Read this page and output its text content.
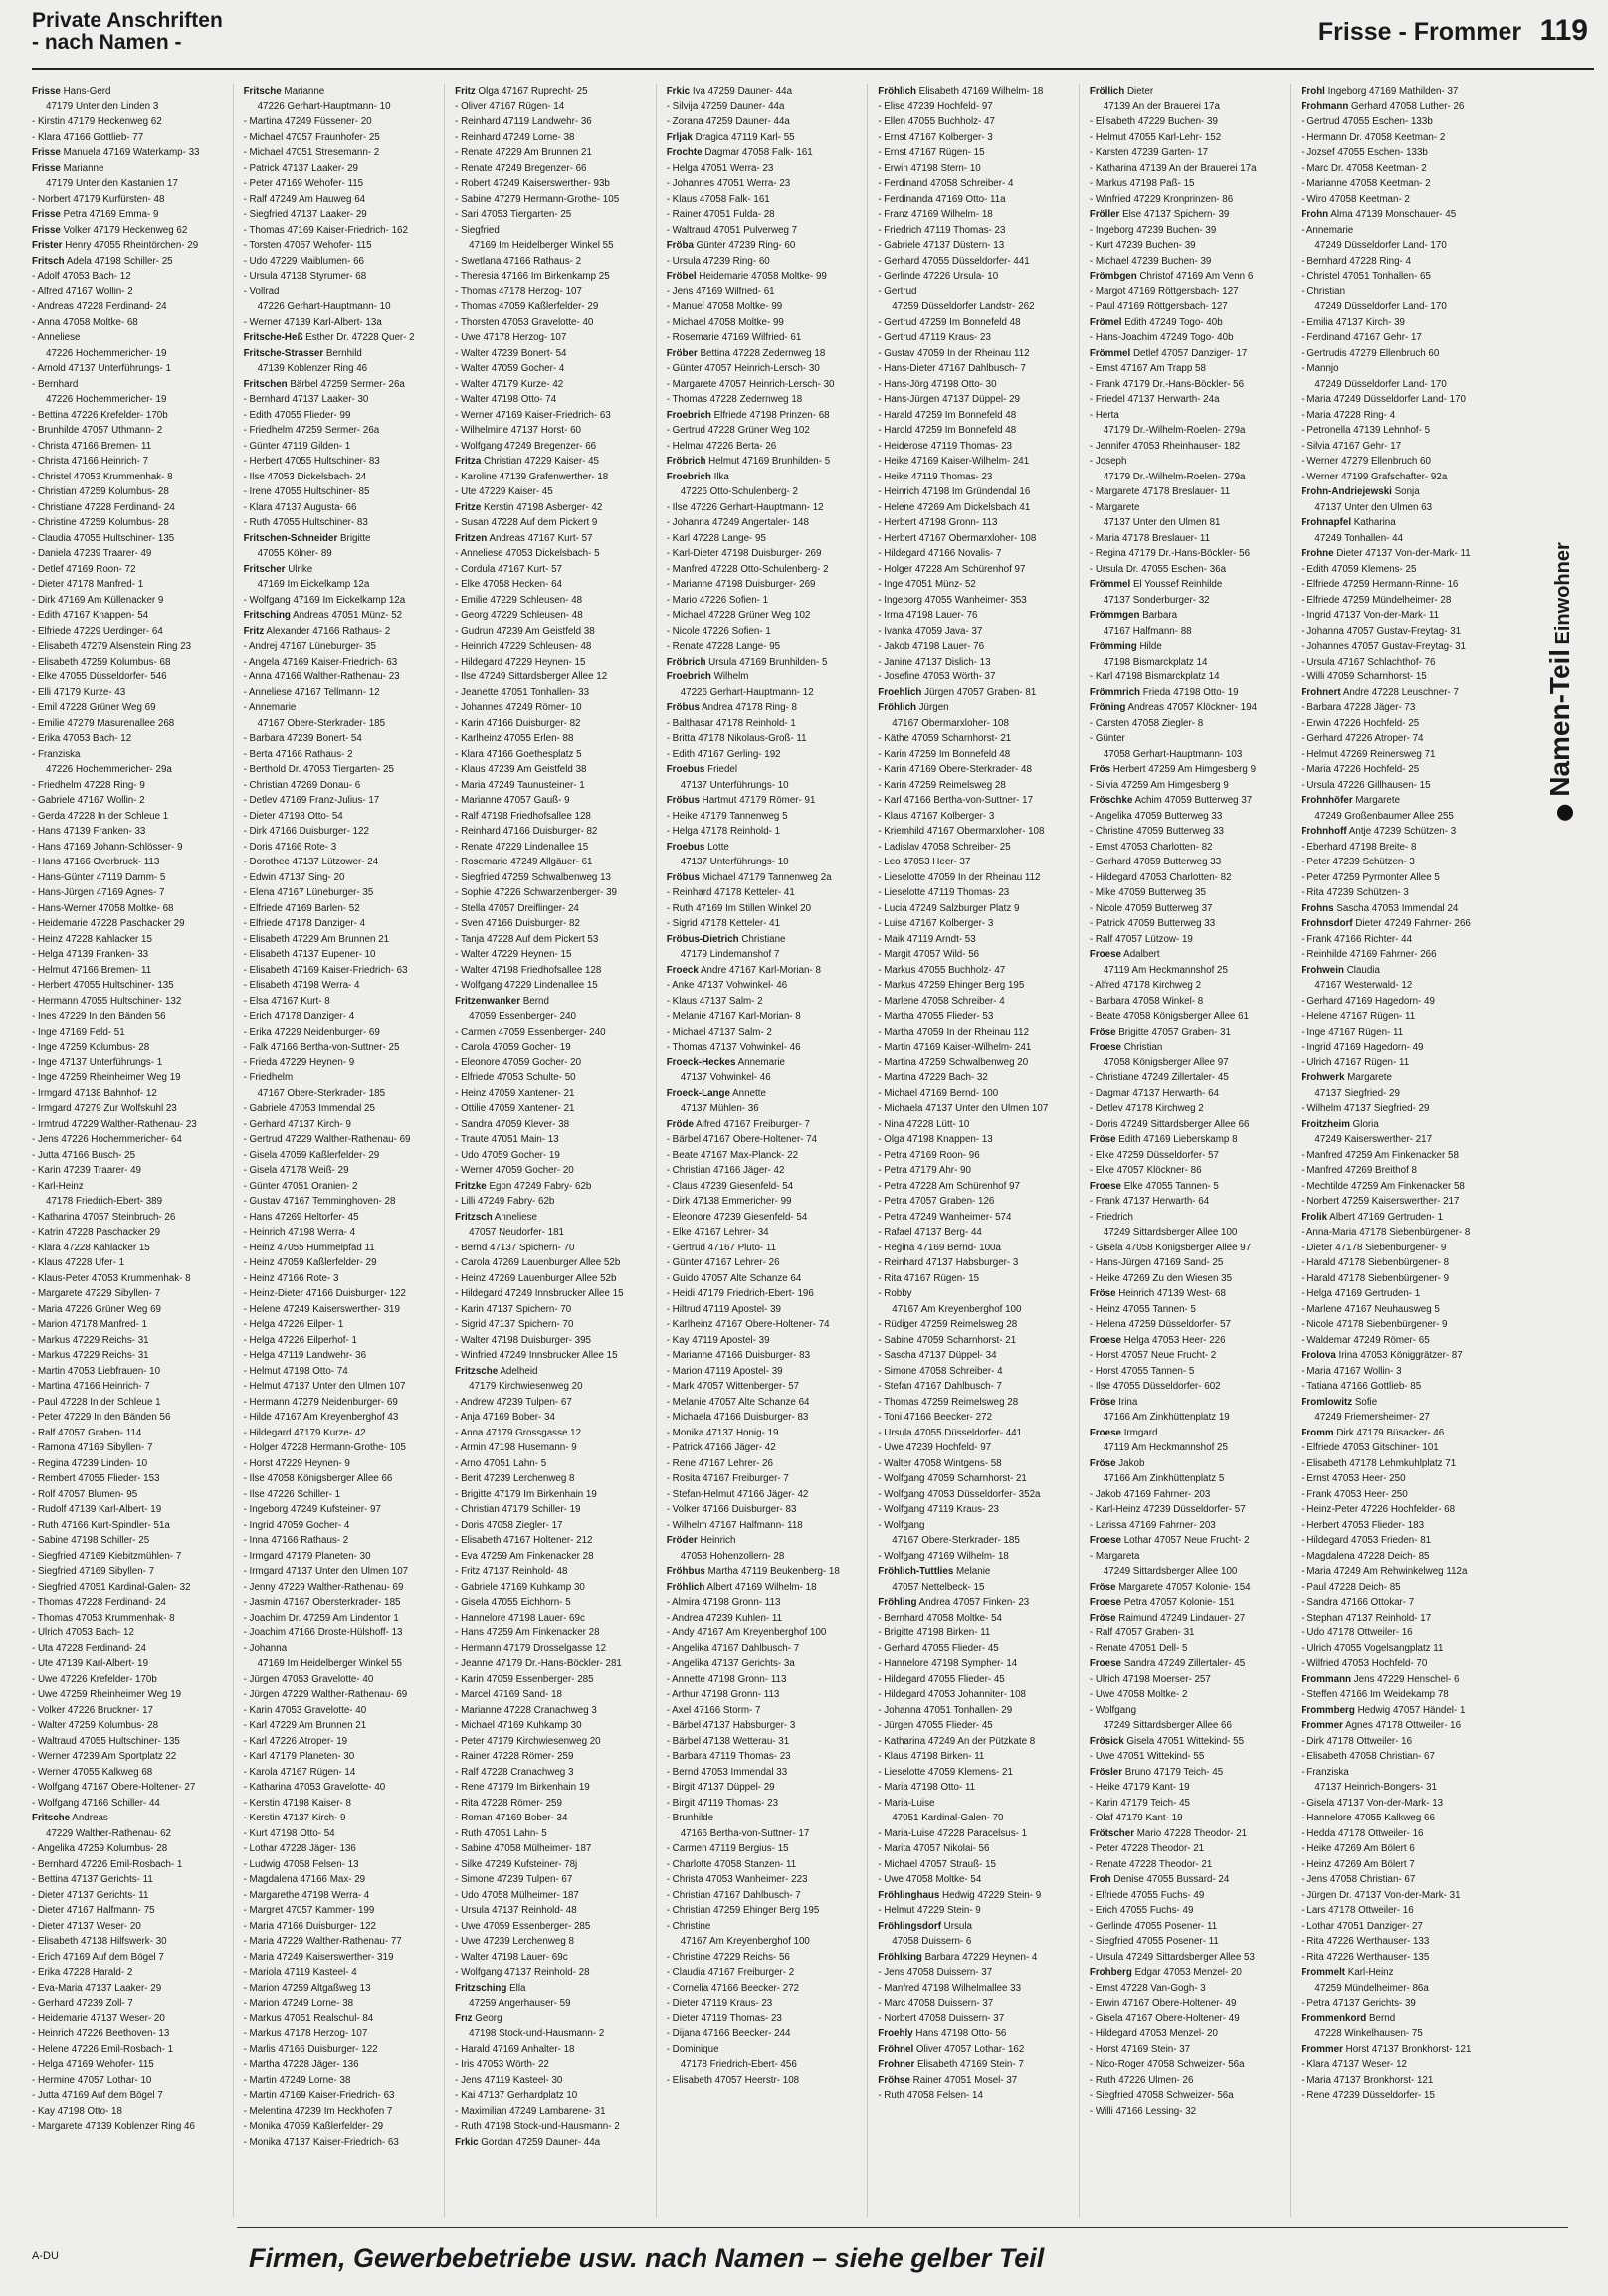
Private Anschriften
- nach Namen -	Frisse - Frommer 119
Frisse Hans-Gerd
47179 Unter den Linden 3
- Kirstin 47179 Heckenweg 62
- Klara 47166 Gottlieb- 77
Frisse Manuela 47169 Waterkamp- 33
Frisse Marianne
47179 Unter den Kastanien 17
- Norbert 47179 Kurfürsten- 48
Frisse Petra 47169 Emma- 9
Frisse Volker 47179 Heckenweg 62
Frister Henry 47055 Rheintörchen- 29
Fritsch Adela 47198 Schiller- 25
- Adolf 47053 Bach- 12
- Alfred 47167 Wollin- 2
- Andreas 47228 Ferdinand- 24
- Anna 47058 Moltke- 68
- Anneliese
47226 Hochemmericher- 19
- Arnold 47137 Unterführungs- 1
- Bernhard
47226 Hochemmericher- 19
- Bettina 47226 Krefelder- 170b
- Brunhilde 47057 Uthmann- 2
- Christa 47166 Bremen- 11
- Christa 47166 Heinrich- 7
- Christel 47053 Krummenhak- 8
- Christian 47259 Kolumbus- 28
- Christiane 47228 Ferdinand- 24
- Christine 47259 Kolumbus- 28
- Claudia 47055 Hultschiner- 135
- Daniela 47239 Traarer- 49
- Detlef 47169 Roon- 72
- Dieter 47178 Manfred- 1
- Dirk 47169 Am Küllenacker 9
- Edith 47167 Knappen- 54
- Elfriede 47229 Uerdinger- 64
- Elisabeth 47279 Alsenstein Ring 23
- Elisabeth 47259 Kolumbus- 68
- Elke 47055 Düsseldorfer- 546
- Elli 47179 Kurze- 43
- Emil 47228 Grüner Weg 69
- Emilie 47279 Masurenallee 268
- Erika 47053 Bach- 12
- Franziska
47226 Hochemmericher- 29a
- Friedhelm 47228 Ring- 9
- Gabriele 47167 Wollin- 2
- Gerda 47228 In der Schleue 1
- Hans 47139 Franken- 33
- Hans 47169 Johann-Schlösser- 9
- Hans 47166 Overbruck- 113
- Hans-Günter 47119 Damm- 5
- Hans-Jürgen 47169 Agnes- 7
- Hans-Werner 47058 Moltke- 68
- Heidemarie 47228 Paschacker 29
- Heinz 47228 Kahlacker 15
- Helga 47139 Franken- 33
- Helmut 47166 Bremen- 11
- Herbert 47055 Hultschiner- 135
- Hermann 47055 Hultschiner- 132
- Ines 47229 In den Bänden 56
- Inge 47169 Feld- 51
- Inge 47259 Kolumbus- 28
- Inge 47137 Unterführungs- 1
- Inge 47259 Rheinheimer Weg 19
- Irmgard 47138 Bahnhof- 12
- Irmgard 47279 Zur Wolfskuhl 23
- Irmtrud 47229 Walther-Rathenau- 23
- Jens 47226 Hochemmericher- 64
- Jutta 47166 Busch- 25
- Karin 47239 Traarer- 49
- Karl-Heinz
47178 Friedrich-Ebert- 389
- Katharina 47057 Steinbruch- 26
- Katrin 47228 Paschacker 29
- Klara 47228 Kahlacker 15
- Klaus 47228 Ufer- 1
- Klaus-Peter 47053 Krummenhak- 8
- Margarete 47229 Sibyllen- 7
- Maria 47226 Grüner Weg 69
- Marion 47178 Manfred- 1
- Markus 47229 Reichs- 31
- Markus 47229 Reichs- 31
- Martin 47053 Liebfrauen- 10
- Martina 47166 Heinrich- 7
- Paul 47228 In der Schleue 1
- Peter 47229 In den Bänden 56
- Ralf 47057 Graben- 114
- Ramona 47169 Sibyllen- 7
- Regina 47239 Linden- 10
- Rembert 47055 Flieder- 153
- Rolf 47057 Blumen- 95
- Rudolf 47139 Karl-Albert- 19
- Ruth 47166 Kurt-Spindler- 51a
- Sabine 47198 Schiller- 25
- Siegfried 47169 Kiebitzmühlen- 7
- Siegfried 47169 Sibyllen- 7
- Siegfried 47051 Kardinal-Galen- 32
- Thomas 47228 Ferdinand- 24
- Thomas 47053 Krummenhak- 8
- Ulrich 47053 Bach- 12
- Uta 47228 Ferdinand- 24
- Ute 47139 Karl-Albert- 19
- Uwe 47226 Krefelder- 170b
- Uwe 47259 Rheinheimer Weg 19
- Volker 47226 Bruckner- 17
- Walter 47259 Kolumbus- 28
- Waltraud 47055 Hultschiner- 135
- Werner 47239 Am Sportplatz 22
- Werner 47055 Kalkweg 68
- Wolfgang 47167 Obere-Holtener- 27
- Wolfgang 47166 Schiller- 44
Fritsche Andreas
47229 Walther-Rathenau- 62
- Angelika 47259 Kolumbus- 28
- Bernhard 47226 Emil-Rosbach- 1
- Bettina 47137 Gerichts- 11
- Dieter 47137 Gerichts- 11
- Dieter 47167 Halfmann- 75
- Dieter 47137 Weser- 20
- Elisabeth 47138 Hilfswerk- 30
- Erich 47169 Auf dem Bögel 7
- Erika 47228 Harald- 2
- Eva-Maria 47137 Laaker- 29
- Gerhard 47239 Zoll- 7
- Heidemarie 47137 Weser- 20
- Heinrich 47226 Beethoven- 13
- Helene 47226 Emil-Rosbach- 1
- Helga 47169 Wehofer- 115
- Hermine 47057 Lothar- 10
- Jutta 47169 Auf dem Bögel 7
- Kay 47198 Otto- 18
- Margarete 47139 Koblenzer Ring 46
Fritsche Marianne
47226 Gerhart-Hauptmann- 10
- Martina 47249 Füssener- 20
- Michael 47057 Fraunhofer- 25
- Michael 47051 Stresemann- 2
- Patrick 47137 Laaker- 29
- Peter 47169 Wehofer- 115
- Ralf 47249 Am Hauweg 64
- Siegfried 47137 Laaker- 29
- Thomas 47169 Kaiser-Friedrich- 162
- Torsten 47057 Wehofer- 115
- Udo 47229 Maiblumen- 66
- Ursula 47138 Styrumer- 68
- Vollrad
47226 Gerhart-Hauptmann- 10
- Werner 47139 Karl-Albert- 13a
Fritsche-Heß Esther Dr. 47228 Quer- 2
Fritsche-Strasser Bernhild
47139 Koblenzer Ring 46
Fritschen Bärbel 47259 Sermer- 26a
- Bernhard 47137 Laaker- 30
- Edith 47055 Flieder- 99
- Friedhelm 47259 Sermer- 26a
- Günter 47119 Gilden- 1
- Herbert 47055 Hultschiner- 83
- Ilse 47053 Dickelsbach- 24
- Irene 47055 Hultschiner- 85
- Klara 47137 Augusta- 66
- Ruth 47055 Hultschiner- 83
Fritschen-Schneider Brigitte
47055 Kölner- 89
Fritscher Ulrike
47169 Im Eickelkamp 12a
- Wolfgang 47169 Im Eickelkamp 12a
Fritsching Andreas 47051 Münz- 52
Fritz Alexander 47166 Rathaus- 2
- Andrej 47167 Lüneburger- 35
- Angela 47169 Kaiser-Friedrich- 63
- Anna 47166 Walther-Rathenau- 23
- Anneliese 47167 Tellmann- 12
- Annemarie
47167 Obere-Sterkrader- 185
- Barbara 47239 Bonert- 54
- Berta 47166 Rathaus- 2
- Berthold Dr. 47053 Tiergarten- 25
- Christian 47269 Donau- 6
- Detlev 47169 Franz-Julius- 17
- Dieter 47198 Otto- 54
- Dirk 47166 Duisburger- 122
- Doris 47166 Rote- 3
- Dorothee 47137 Lützower- 24
- Edwin 47137 Sing- 20
- Elena 47167 Lüneburger- 35
- Elfriede 47169 Barlen- 52
- Elfriede 47178 Danziger- 4
- Elisabeth 47229 Am Brunnen 21
- Elisabeth 47137 Eupener- 10
- Elisabeth 47169 Kaiser-Friedrich- 63
- Elisabeth 47198 Werra- 4
- Elsa 47167 Kurt- 8
- Erich 47178 Danziger- 4
- Erika 47229 Neidenburger- 69
- Falk 47166 Bertha-von-Suttner- 25
- Frieda 47229 Heynen- 9
- Friedhelm
47167 Obere-Sterkrader- 185
- Gabriele 47053 Immendal 25
- Gerhard 47137 Kirch- 9
- Gertrud 47229 Walther-Rathenau- 69
- Gisela 47059 Kaßlerfelder- 29
- Gisela 47178 Weiß- 29
- Günter 47051 Oranien- 2
- Gustav 47167 Temminghoven- 28
- Hans 47269 Heltorfer- 45
- Heinrich 47198 Werra- 4
- Heinz 47055 Hummelpfad 11
- Heinz 47059 Kaßlerfelder- 29
- Heinz 47166 Rote- 3
- Heinz-Dieter 47166 Duisburger- 122
- Helene 47249 Kaiserswerther- 319
- Helga 47226 Eilper- 1
- Helga 47226 Eilperhof- 1
- Helga 47119 Landwehr- 36
- Helmut 47198 Otto- 74
- Helmut 47137 Unter den Ulmen 107
- Hermann 47279 Neidenburger- 69
- Hilde 47167 Am Kreyenberghof 43
- Hildegard 47179 Kurze- 42
- Holger 47228 Hermann-Grothe- 105
- Horst 47229 Heynen- 9
- Ilse 47058 Königsberger Allee 66
- Ilse 47226 Schiller- 1
- Ingeborg 47249 Kufsteiner- 97
- Ingrid 47059 Gocher- 4
- Inna 47166 Rathaus- 2
- Irmgard 47179 Planeten- 30
- Irmgard 47137 Unter den Ulmen 107
- Jenny 47229 Walther-Rathenau- 69
- Jasmin 47167 Obersterkrader- 185
- Joachim Dr. 47259 Am Lindentor 1
- Joachim 47166 Droste-Hülshoff- 13
- Johanna
47169 Im Heidelberger Winkel 55
- Jürgen 47053 Gravelotte- 40
- Jürgen 47229 Walther-Rathenau- 69
- Karin 47053 Gravelotte- 40
- Karl 47229 Am Brunnen 21
- Karl 47226 Atroper- 19
- Karl 47179 Planeten- 30
- Karola 47167 Rügen- 14
- Katharina 47053 Gravelotte- 40
- Kerstin 47198 Kaiser- 8
- Kerstin 47137 Kirch- 9
- Kurt 47198 Otto- 54
- Lothar 47228 Jäger- 136
- Ludwig 47058 Felsen- 13
- Magdalena 47166 Max- 29
- Margarethe 47198 Werra- 4
- Margret 47057 Kammer- 199
- Maria 47166 Duisburger- 122
- Maria 47229 Walther-Rathenau- 77
- Maria 47249 Kaiserswerther- 319
- Mariola 47119 Kasteel- 4
- Marion 47259 Altgaßweg 13
- Marion 47249 Lorne- 38
- Markus 47051 Realschul- 84
- Markus 47178 Herzog- 107
- Marlis 47166 Duisburger- 122
- Martha 47228 Jäger- 136
- Martin 47249 Lorne- 38
- Martin 47169 Kaiser-Friedrich- 63
- Melentina 47239 Im Heckhofen 7
- Monika 47059 Kaßlerfelder- 29
- Monika 47137 Kaiser-Friedrich- 63
Fritz Olga 47167 Ruprecht- 25
- Oliver 47167 Rügen- 14
- Reinhard 47119 Landwehr- 36
- Reinhard 47249 Lorne- 38
- Renate 47229 Am Brunnen 21
- Renate 47249 Bregenzer- 66
- Robert 47249 Kaiserswerther- 93b
- Sabine 47279 Hermann-Grothe- 105
- Sari 47053 Tiergarten- 25
- Siegfried
47169 Im Heidelberger Winkel 55
- Swetlana 47166 Rathaus- 2
- Theresia 47166 Im Birkenkamp 25
- Thomas 47178 Herzog- 107
- Thomas 47059 Kaßlerfelder- 29
- Thorsten 47053 Gravelotte- 40
- Uwe 47178 Herzog- 107
- Walter 47239 Bonert- 54
- Walter 47059 Gocher- 4
- Walter 47179 Kurze- 42
- Walter 47198 Otto- 74
- Werner 47169 Kaiser-Friedrich- 63
- Wilhelmine 47137 Horst- 60
- Wolfgang 47249 Bregenzer- 66
Fritza Christian 47229 Kaiser- 45
- Karoline 47139 Grafenwerther- 18
- Ute 47229 Kaiser- 45
Fritze Kerstin 47198 Asberger- 42
- Susan 47228 Auf dem Pickert 9
Fritzen Andreas 47167 Kurt- 57
- Anneliese 47053 Dickelsbach- 5
- Cordula 47167 Kurt- 57
- Elke 47058 Hecken- 64
- Emilie 47229 Schleusen- 48
- Georg 47229 Schleusen- 48
- Gudrun 47239 Am Geistfeld 38
- Heinrich 47229 Schleusen- 48
- Hildegard 47229 Heynen- 15
- Ilse 47249 Sittardsberger Allee 12
- Jeanette 47051 Tonhallen- 33
- Johannes 47249 Römer- 10
- Karin 47166 Duisburger- 82
- Karlheinz 47055 Erlen- 88
- Klara 47166 Goethesplatz 5
- Klaus 47239 Am Geistfeld 38
- Maria 47249 Taunusteiner- 1
- Marianne 47057 Gauß- 9
- Ralf 47198 Friedhofsallee 128
- Reinhard 47166 Duisburger- 82
- Renate 47229 Lindenallee 15
- Rosemarie 47249 Allgäuer- 61
- Siegfried 47259 Schwalbenweg 13
- Sophie 47226 Schwarzenberger- 39
- Stella 47057 Dreiflinger- 24
- Sven 47166 Duisburger- 82
- Tanja 47228 Auf dem Pickert 53
- Walter 47229 Heynen- 15
- Walter 47198 Friedhofsallee 128
- Wolfgang 47229 Lindenallee 15
Fritzenwanker Bernd
47059 Essenberger- 240
- Carmen 47059 Essenberger- 240
- Carola 47059 Gocher- 19
- Eleonore 47059 Gocher- 20
- Elfriede 47053 Schulte- 50
- Heinz 47059 Xantener- 21
- Ottilie 47059 Xantener- 21
- Sandra 47059 Klever- 38
- Traute 47051 Main- 13
- Udo 47059 Gocher- 19
- Werner 47059 Gocher- 20
Fritzke Egon 47249 Fabry- 62b
- Lilli 47249 Fabry- 62b
Fritzsch Anneliese
47057 Neudorfer- 181
- Bernd 47137 Spichern- 70
- Carola 47269 Lauenburger Allee 52b
- Heinz 47269 Lauenburger Allee 52b
- Hildegard 47249 Innsbrucker Allee 15
- Karin 47137 Spichern- 70
- Sigrid 47137 Spichern- 70
- Walter 47198 Duisburger- 395
- Winfried 47249 Innsbrucker Allee 15
Fritzsche Adelheid
47179 Kirchwiesenweg 20
- Andrew 47239 Tulpen- 67
- Anja 47169 Bober- 34
- Anna 47179 Grossgasse 12
- Armin 47198 Husemann- 9
- Arno 47051 Lahn- 5
- Berit 47239 Lerchenweg 8
- Brigitte 47179 Im Birkenhain 19
- Christian 47179 Schiller- 19
- Doris 47058 Ziegler- 17
- Elisabeth 47167 Holtener- 212
- Eva 47259 Am Finkenacker 28
- Fritz 47137 Reinhold- 48
- Gabriele 47169 Kuhkamp 30
- Gisela 47055 Eichhorn- 5
- Hannelore 47198 Lauer- 69c
- Hans 47259 Am Finkenacker 28
- Hermann 47179 Drosselgasse 12
- Jeanne 47179 Dr.-Hans-Böckler- 281
- Karin 47059 Essenberger- 285
- Marcel 47169 Sand- 18
- Marianne 47228 Cranachweg 3
- Michael 47169 Kuhkamp 30
- Peter 47179 Kirchwiesenweg 20
- Rainer 47228 Römer- 259
- Ralf 47228 Cranachweg 3
- Rene 47179 Im Birkenhain 19
- Rita 47228 Römer- 259
- Roman 47169 Bober- 34
- Ruth 47051 Lahn- 5
- Sabine 47058 Mülheimer- 187
- Silke 47249 Kufsteiner- 78j
- Simone 47239 Tulpen- 67
- Udo 47058 Mülheimer- 187
- Ursula 47137 Reinhold- 48
- Uwe 47059 Essenberger- 285
- Uwe 47239 Lerchenweg 8
- Walter 47198 Lauer- 69c
- Wolfgang 47137 Reinhold- 28
Fritzsching Ella
47259 Angerhauser- 59
Frız Georg
47198 Stock-und-Hausmann- 2
- Harald 47169 Anhalter- 18
- Iris 47053 Wörth- 22
- Jens 47119 Kasteel- 30
- Kai 47137 Gerhardplatz 10
- Maximilian 47249 Lambarene- 31
- Ruth 47198 Stock-und-Hausmann- 2
Frkic Gordan 47259 Dauner- 44a
Frkic Iva 47259 Dauner- 44a
- Silvija 47259 Dauner- 44a
- Zorana 47259 Dauner- 44a
Frljak Dragica 47119 Karl- 55
Frochte Dagmar 47058 Falk- 161
- Helga 47051 Werra- 23
- Johannes 47051 Werra- 23
- Klaus 47058 Falk- 161
- Rainer 47051 Fulda- 28
- Waltraud 47051 Pulverweg 7
Fröba Günter 47239 Ring- 60
- Ursula 47239 Ring- 60
Fröbel Heidemarie 47058 Moltke- 99
- Jens 47169 Wilfried- 61
- Manuel 47058 Moltke- 99
- Michael 47058 Moltke- 99
- Rosemarie 47169 Wilfried- 61
Fröber Bettina 47228 Zedernweg 18
- Günter 47057 Heinrich-Lersch- 30
- Margarete 47057 Heinrich-Lersch- 30
- Thomas 47228 Zedernweg 18
Froebrich Elfriede 47198 Prinzen- 68
- Gertrud 47228 Grüner Weg 102
- Helmar 47226 Berta- 26
Fröbrich Helmut 47169 Brunhilden- 5
Froebrich Ilka
47226 Otto-Schulenberg- 2
- Ilse 47226 Gerhart-Hauptmann- 12
- Johanna 47249 Angertaler- 148
- Karl 47228 Lange- 95
- Karl-Dieter 47198 Duisburger- 269
- Manfred 47228 Otto-Schulenberg- 2
- Marianne 47198 Duisburger- 269
- Mario 47226 Sofien- 1
- Michael 47228 Grüner Weg 102
- Nicole 47226 Sofien- 1
- Renate 47228 Lange- 95
Fröbrich Ursula 47169 Brunhilden- 5
Froebrich Wilhelm
47226 Gerhart-Hauptmann- 12
Fröbus Andrea 47178 Ring- 8
- Balthasar 47178 Reinhold- 1
- Britta 47178 Nikolaus-Groß- 11
- Edith 47167 Gerling- 192
Froebus Friedel
47137 Unterführungs- 10
Fröbus Hartmut 47179 Römer- 91
- Heike 47179 Tannenweg 5
- Helga 47178 Reinhold- 1
Froebus Lotte
47137 Unterführungs- 10
Fröbus Michael 47179 Tannenweg 2a
- Reinhard 47178 Ketteler- 41
- Ruth 47169 Im Stillen Winkel 20
- Sigrid 47178 Ketteler- 41
Fröbus-Dietrich Christiane
47179 Lindemanshof 7
Froeck Andre 47167 Karl-Morian- 8
- Anke 47137 Vohwinkel- 46
- Klaus 47137 Salm- 2
- Melanie 47167 Karl-Morian- 8
- Michael 47137 Salm- 2
- Thomas 47137 Vohwinkel- 46
Froeck-Heckes Annemarie
47137 Vohwinkel- 46
Froeck-Lange Annette
47137 Mühlen- 36
Fröde Alfred 47167 Freiburger- 7
- Bärbel 47167 Obere-Holtener- 74
- Beate 47167 Max-Planck- 22
- Christian 47166 Jäger- 42
- Claus 47239 Giesenfeld- 54
- Dirk 47138 Emmericher- 99
- Eleonore 47239 Giesenfeld- 54
- Elke 47167 Lehrer- 34
- Gertrud 47167 Pluto- 11
- Günter 47167 Lehrer- 26
- Guido 47057 Alte Schanze 64
- Heidi 47179 Friedrich-Ebert- 196
- Hiltrud 47119 Apostel- 39
- Karlheinz 47167 Obere-Holtener- 74
- Kay 47119 Apostel- 39
- Marianne 47166 Duisburger- 83
- Marion 47119 Apostel- 39
- Mark 47057 Wittenberger- 57
- Melanie 47057 Alte Schanze 64
- Michaela 47166 Duisburger- 83
- Monika 47137 Honig- 19
- Patrick 47166 Jäger- 42
- Rene 47167 Lehrer- 26
- Rosita 47167 Freiburger- 7
- Stefan-Helmut 47166 Jäger- 42
- Volker 47166 Duisburger- 83
- Wilhelm 47167 Halfmann- 118
Fröder Heinrich
47058 Hohenzollern- 28
Fröhbus Martha 47119 Beukenberg- 18
Fröhlich Albert 47169 Wilhelm- 18
- Almira 47198 Gronn- 113
- Andrea 47239 Kuhlen- 11
- Andy 47167 Am Kreyenberghof 100
- Angelika 47167 Dahlbusch- 7
- Angelika 47137 Gerichts- 3a
- Annette 47198 Gronn- 113
- Arthur 47198 Gronn- 113
- Axel 47166 Storm- 7
- Bärbel 47137 Habsburger- 3
- Bärbel 47138 Wetterau- 31
- Barbara 47119 Thomas- 23
- Bernd 47053 Immendal 33
- Birgit 47137 Düppel- 29
- Birgit 47119 Thomas- 23
- Brunhilde
47166 Bertha-von-Suttner- 17
- Carmen 47119 Bergius- 15
- Charlotte 47058 Stanzen- 11
- Christa 47053 Wanheimer- 223
- Christian 47167 Dahlbusch- 7
- Christian 47259 Ehinger Berg 195
- Christine
47167 Am Kreyenberghof 100
- Christine 47229 Reichs- 56
- Claudia 47167 Freiburger- 2
- Cornelia 47166 Beecker- 272
- Dieter 47119 Kraus- 23
- Dieter 47119 Thomas- 23
- Dijana 47166 Beecker- 244
- Dominique
47178 Friedrich-Ebert- 456
- Elisabeth 47057 Heerstr- 108
Fröhlich Elisabeth 47169 Wilhelm- 18
- Elise 47239 Hochfeld- 97
- Ellen 47055 Buchholz- 47
- Ernst 47167 Kolberger- 3
- Ernst 47167 Rügen- 15
- Erwin 47198 Stern- 10
- Ferdinand 47058 Schreiber- 4
- Ferdinanda 47169 Otto- 11a
- Franz 47169 Wilhelm- 18
- Friedrich 47119 Thomas- 23
- Gabriele 47137 Düstern- 13
- Gerhard 47055 Düsseldorfer- 441
- Gerlinde 47226 Ursula- 10
- Gertrud
47259 Düsseldorfer Landstr- 262
- Gertrud 47259 Im Bonnefeld 48
- Gertrud 47119 Kraus- 23
- Gustav 47059 In der Rheinau 112
- Hans-Dieter 47167 Dahlbusch- 7
- Hans-Jörg 47198 Otto- 30
- Hans-Jürgen 47137 Düppel- 29
- Harald 47259 Im Bonnefeld 48
- Harold 47259 Im Bonnefeld 48
- Heiderose 47119 Thomas- 23
- Heike 47169 Kaiser-Wilhelm- 241
- Heike 47119 Thomas- 23
- Heinrich 47198 Im Gründendal 16
- Helene 47269 Am Dickelsbach 41
- Herbert 47198 Gronn- 113
- Herbert 47167 Obermarxloher- 108
- Hildegard 47166 Novalis- 7
- Holger 47228 Am Schürenhof 97
- Inge 47051 Münz- 52
- Ingeborg 47055 Wanheimer- 353
- Irma 47198 Lauer- 76
- Ivanka 47059 Java- 37
- Jakob 47198 Lauer- 76
- Janine 47137 Dislich- 13
- Josefine 47053 Wörth- 37
Froehlich Jürgen 47057 Graben- 81
Fröhlich Jürgen
47167 Obermarxloher- 108
- Käthe 47059 Scharnhorst- 21
- Karin 47259 Im Bonnefeld 48
- Karin 47169 Obere-Sterkrader- 48
- Karin 47259 Reimelsweg 28
- Karl 47166 Bertha-von-Suttner- 17
- Klaus 47167 Kolberger- 3
- Kriemhild 47167 Obermarxloher- 108
- Ladislav 47058 Schreiber- 25
- Leo 47053 Heer- 37
- Lieselotte 47059 In der Rheinau 112
- Lieselotte 47119 Thomas- 23
- Lucia 47249 Salzburger Platz 9
- Luise 47167 Kolberger- 3
- Maik 47119 Arndt- 53
- Margit 47057 Wild- 56
- Markus 47055 Buchholz- 47
- Markus 47259 Ehinger Berg 195
- Marlene 47058 Schreiber- 4
- Martha 47055 Flieder- 53
- Martha 47059 In der Rheinau 112
- Martin 47169 Kaiser-Wilhelm- 241
- Martina 47259 Schwalbenweg 20
- Martina 47229 Bach- 32
- Michael 47169 Bernd- 100
- Michaela 47137 Unter den Ulmen 107
- Nina 47228 Lütt- 10
- Olga 47198 Knappen- 13
- Petra 47169 Roon- 96
- Petra 47179 Ahr- 90
- Petra 47228 Am Schürenhof 97
- Petra 47057 Graben- 126
- Petra 47249 Wanheimer- 574
- Rafael 47137 Berg- 44
- Regina 47169 Bernd- 100a
- Reinhard 47137 Habsburger- 3
- Rita 47167 Rügen- 15
- Robby
47167 Am Kreyenberghof 100
- Rüdiger 47259 Reimelsweg 28
- Sabine 47059 Scharnhorst- 21
- Sascha 47137 Düppel- 34
- Simone 47058 Schreiber- 4
- Stefan 47167 Dahlbusch- 7
- Thomas 47259 Reimelsweg 28
- Toni 47166 Beecker- 272
- Ursula 47055 Düsseldorfer- 441
- Uwe 47239 Hochfeld- 97
- Walter 47058 Wintgens- 58
- Wolfgang 47059 Scharnhorst- 21
- Wolfgang 47053 Düsseldorfer- 352a
- Wolfgang 47119 Kraus- 23
- Wolfgang
47167 Obere-Sterkrader- 185
- Wolfgang 47169 Wilhelm- 18
Fröhlich-Tuttlies Melanie
47057 Nettelbeck- 15
Fröhling Andrea 47057 Finken- 23
- Bernhard 47058 Moltke- 54
- Brigitte 47198 Birken- 11
- Gerhard 47055 Flieder- 45
- Hannelore 47198 Sympher- 14
- Hildegard 47055 Flieder- 45
- Hildegard 47053 Johanniter- 108
- Johanna 47051 Tonhallen- 29
- Jürgen 47055 Flieder- 45
- Katharina 47249 An der Pützkate 8
- Klaus 47198 Birken- 11
- Lieselotte 47059 Klemens- 21
- Maria 47198 Otto- 11
- Maria-Luise
47051 Kardinal-Galen- 70
- Maria-Luise 47228 Paracelsus- 1
- Marita 47057 Nikolai- 56
- Michael 47057 Strauß- 15
- Uwe 47058 Moltke- 54
Fröhlinghaus Hedwig 47229 Stein- 9
- Helmut 47229 Stein- 9
Fröhlingsdorf Ursula
47058 Duissern- 6
Fröhlking Barbara 47229 Heynen- 4
- Jens 47058 Duissern- 37
- Manfred 47198 Wilhelmallee 33
- Marc 47058 Duissern- 37
- Norbert 47058 Duissern- 37
Froehly Hans 47198 Otto- 56
Fröhnel Oliver 47057 Lothar- 162
Frohner Elisabeth 47169 Stein- 7
Fröhse Rainer 47051 Mosel- 37
- Ruth 47058 Felsen- 14
Fröllich Dieter
47139 An der Brauerei 17a
- Elisabeth 47229 Buchen- 39
- Helmut 47055 Karl-Lehr- 152
- Karsten 47239 Garten- 17
- Katharina 47139 An der Brauerei 17a
- Markus 47198 Paß- 15
- Winfried 47229 Kronprinzen- 86
Fröller Else 47137 Spichern- 39
- Ingeborg 47239 Buchen- 39
- Kurt 47239 Buchen- 39
- Michael 47239 Buchen- 39
Frömbgen Christof 47169 Am Venn 6
- Margot 47169 Röttgersbach- 127
- Paul 47169 Röttgersbach- 127
Frömel Edith 47249 Togo- 40b
- Hans-Joachim 47249 Togo- 40b
Frömmel Detlef 47057 Danziger- 17
- Ernst 47167 Am Trapp 58
- Frank 47179 Dr.-Hans-Böckler- 56
- Friedel 47137 Herwarth- 24a
- Herta
47179 Dr.-Wilhelm-Roelen- 279a
- Jennifer 47053 Rheinhauser- 182
- Joseph
47179 Dr.-Wilhelm-Roelen- 279a
- Margarete 47178 Breslauer- 11
- Margarete
47137 Unter den Ulmen 81
- Maria 47178 Breslauer- 11
- Regina 47179 Dr.-Hans-Böckler- 56
- Ursula Dr. 47055 Eschen- 36a
Frömmel El Youssef Reinhilde
47137 Sonderburger- 32
Frömmgen Barbara
47167 Halfmann- 88
Frömming Hilde
47198 Bismarckplatz 14
- Karl 47198 Bismarckplatz 14
Frömmrich Frieda 47198 Otto- 19
Fröning Andreas 47057 Klöckner- 194
- Carsten 47058 Ziegler- 8
- Günter
47058 Gerhart-Hauptmann- 103
Frös Herbert 47259 Am Himgesberg 9
- Silvia 47259 Am Himgesberg 9
Fröschke Achim 47059 Butterweg 37
- Angelika 47059 Butterweg 33
- Christine 47059 Butterweg 33
- Ernst 47053 Charlotten- 82
- Gerhard 47059 Butterweg 33
- Hildegard 47053 Charlotten- 82
- Mike 47059 Butterweg 35
- Nicole 47059 Butterweg 37
- Patrick 47059 Butterweg 33
- Ralf 47057 Lützow- 19
Froese Adalbert
47119 Am Heckmannshof 25
- Alfred 47178 Kirchweg 2
- Barbara 47058 Winkel- 8
- Beate 47058 Königsberger Allee 61
Fröse Brigitte 47057 Graben- 31
Froese Christian
47058 Königsberger Allee 97
- Christiane 47249 Zillertaler- 45
- Dagmar 47137 Herwarth- 64
- Detlev 47178 Kirchweg 2
- Doris 47249 Sittardsberger Allee 66
Fröse Edith 47169 Lieberskamp 8
- Elke 47259 Düsseldorfer- 57
- Elke 47057 Klöckner- 86
Froese Elke 47055 Tannen- 5
- Frank 47137 Herwarth- 64
- Friedrich
47249 Sittardsberger Allee 100
- Gisela 47058 Königsberger Allee 97
- Hans-Jürgen 47169 Sand- 25
- Heike 47269 Zu den Wiesen 35
Fröse Heinrich 47139 West- 68
- Heinz 47055 Tannen- 5
- Helena 47259 Düsseldorfer- 57
Froese Helga 47053 Heer- 226
- Horst 47057 Neue Frucht- 2
- Horst 47055 Tannen- 5
- Ilse 47055 Düsseldorfer- 602
Fröse Irina
47166 Am Zinkhüttenplatz 19
Froese Irmgard
47119 Am Heckmannshof 25
Fröse Jakob
47166 Am Zinkhüttenplatz 5
- Jakob 47169 Fahrner- 203
- Karl-Heinz 47239 Düsseldorfer- 57
- Larissa 47169 Fahrner- 203
Froese Lothar 47057 Neue Frucht- 2
- Margareta
47249 Sittardsberger Allee 100
Fröse Margarete 47057 Kolonie- 154
Froese Petra 47057 Kolonie- 151
Fröse Raimund 47249 Lindauer- 27
- Ralf 47057 Graben- 31
- Renate 47051 Dell- 5
Froese Sandra 47249 Zillertaler- 45
- Ulrich 47198 Moerser- 257
- Uwe 47058 Moltke- 2
- Wolfgang
47249 Sittardsberger Allee 66
Frösick Gisela 47051 Wittekind- 55
- Uwe 47051 Wittekind- 55
Frösler Bruno 47179 Teich- 45
- Heike 47179 Kant- 19
- Karin 47179 Teich- 45
- Olaf 47179 Kant- 19
Frötscher Mario 47228 Theodor- 21
- Peter 47228 Theodor- 21
- Renate 47228 Theodor- 21
Froh Denise 47055 Bussard- 24
- Elfriede 47055 Fuchs- 49
- Erich 47055 Fuchs- 49
- Gerlinde 47055 Posener- 11
- Siegfried 47055 Posener- 11
- Ursula 47249 Sittardsberger Allee 53
Frohberg Edgar 47053 Menzel- 20
- Ernst 47228 Van-Gogh- 3
- Erwin 47167 Obere-Holtener- 49
- Gisela 47167 Obere-Holtener- 49
- Hildegard 47053 Menzel- 20
- Horst 47169 Stein- 37
- Nico-Roger 47058 Schweizer- 56a
- Ruth 47226 Ulmen- 26
- Siegfried 47058 Schweizer- 56a
- Willi 47166 Lessing- 32
Frohl Ingeborg 47169 Mathilden- 37
Frohmann Gerhard 47058 Luther- 26
- Gertrud 47055 Eschen- 133b
- Hermann Dr. 47058 Keetman- 2
- Jozsef 47055 Eschen- 133b
- Marc Dr. 47058 Keetman- 2
- Marianne 47058 Keetman- 2
- Wiro 47058 Keetman- 2
Frohn Alma 47139 Monschauer- 45
- Annemarie
47249 Düsseldorfer Land- 170
- Bernhard 47228 Ring- 4
- Christel 47051 Tonhallen- 65
- Christian
47249 Düsseldorfer Land- 170
- Emilia 47137 Kirch- 39
- Ferdinand 47167 Gehr- 17
- Gertrudis 47279 Ellenbruch 60
- Mannjo
47249 Düsseldorfer Land- 170
- Maria 47249 Düsseldorfer Land- 170
- Maria 47228 Ring- 4
- Petronella 47139 Lehnhof- 5
- Silvia 47167 Gehr- 17
- Werner 47279 Ellenbruch 60
- Werner 47199 Grafschafter- 92a
Frohn-Andriejewski Sonja
47137 Unter den Ulmen 63
Frohnapfel Katharina
47249 Tonhallen- 44
Frohne Dieter 47137 Von-der-Mark- 11
- Edith 47059 Klemens- 25
- Elfriede 47259 Hermann-Rinne- 16
- Elfriede 47259 Mündelheimer- 28
- Ingrid 47137 Von-der-Mark- 11
- Johanna 47057 Gustav-Freytag- 31
- Johannes 47057 Gustav-Freytag- 31
- Ursula 47167 Schlachthof- 76
- Willi 47059 Scharnhorst- 15
Frohnert Andre 47228 Leuschner- 7
- Barbara 47228 Jäger- 73
- Erwin 47226 Hochfeld- 25
- Gerhard 47226 Atroper- 74
- Helmut 47269 Reinersweg 71
- Maria 47226 Hochfeld- 25
- Ursula 47226 Gillhausen- 15
Frohnhöfer Margarete
47249 Großenbaumer Allee 255
Frohnhoff Antje 47239 Schützen- 3
- Eberhard 47198 Breite- 8
- Peter 47239 Schützen- 3
- Peter 47259 Pyrmonter Allee 5
- Rita 47239 Schützen- 3
Frohns Sascha 47053 Immendal 24
Frohnsdorf Dieter 47249 Fahrner- 266
- Frank 47166 Richter- 44
- Reinhilde 47169 Fahrner- 266
Frohwein Claudia
47167 Westerwald- 12
- Gerhard 47169 Hagedorn- 49
- Helene 47167 Rügen- 11
- Inge 47167 Rügen- 11
- Ingrid 47169 Hagedorn- 49
- Ulrich 47167 Rügen- 11
Frohwerk Margarete
47137 Siegfried- 29
- Wilhelm 47137 Siegfried- 29
Froitzheim Gloria
47249 Kaiserswerther- 217
- Manfred 47259 Am Finkenacker 58
- Manfred 47269 Breithof 8
- Mechtilde 47259 Am Finkenacker 58
- Norbert 47259 Kaiserswerther- 217
Frolik Albert 47169 Gertruden- 1
- Anna-Maria 47178 Siebenbürgener- 8
- Dieter 47178 Siebenbürgener- 9
- Harald 47178 Siebenbürgener- 8
- Harald 47178 Siebenbürgener- 9
- Helga 47169 Gertruden- 1
- Marlene 47167 Neuhausweg 5
- Nicole 47178 Siebenbürgener- 9
- Waldemar 47249 Römer- 65
Frolova Irina 47053 Königgrätzer- 87
- Maria 47167 Wollin- 3
- Tatiana 47166 Gottlieb- 85
Fromlowitz Sofie
47249 Friemersheimer- 27
Fromm Dirk 47179 Büsacker- 46
- Elfriede 47053 Gitschiner- 101
- Elisabeth 47178 Lehmkuhlplatz 71
- Ernst 47053 Heer- 250
- Frank 47053 Heer- 250
- Heinz-Peter 47226 Hochfelder- 68
- Herbert 47053 Flieder- 183
- Hildegard 47053 Frieden- 81
- Magdalena 47228 Deich- 85
- Maria 47249 Am Rehwinkelweg 112a
- Paul 47228 Deich- 85
- Sandra 47166 Ottokar- 7
- Stephan 47137 Reinhold- 17
- Udo 47178 Ottweiler- 16
- Ulrich 47055 Vogelsangplatz 11
- Wilfried 47053 Hochfeld- 70
Frommann Jens 47229 Henschel- 6
- Steffen 47166 Im Weidekamp 78
Frommberg Hedwig 47057 Händel- 1
Frommer Agnes 47178 Ottweiler- 16
- Dirk 47178 Ottweiler- 16
- Elisabeth 47058 Christian- 67
- Franziska
47137 Heinrich-Bongers- 31
- Gisela 47137 Von-der-Mark- 13
- Hannelore 47055 Kalkweg 66
- Hedda 47178 Ottweiler- 16
- Heike 47269 Am Bölert 6
- Heinz 47269 Am Bölert 7
- Jens 47058 Christian- 67
- Jürgen Dr. 47137 Von-der-Mark- 31
- Lars 47178 Ottweiler- 16
- Lothar 47051 Danziger- 27
- Rita 47226 Werthauser- 133
- Rita 47226 Werthauser- 135
Frommelt Karl-Heinz
47259 Mündelheimer- 86a
- Petra 47137 Gerichts- 39
Frommenkord Bernd
47228 Winkelhausen- 75
Frommer Horst 47137 Bronkhorst- 121
- Klara 47137 Weser- 12
- Maria 47137 Bronkhorst- 121
- Rene 47239 Düsseldorfer- 15
Namen-Teil Einwohner
A-DU	Firmen, Gewerbebetriebe usw. nach Namen – siehe gelber Teil
